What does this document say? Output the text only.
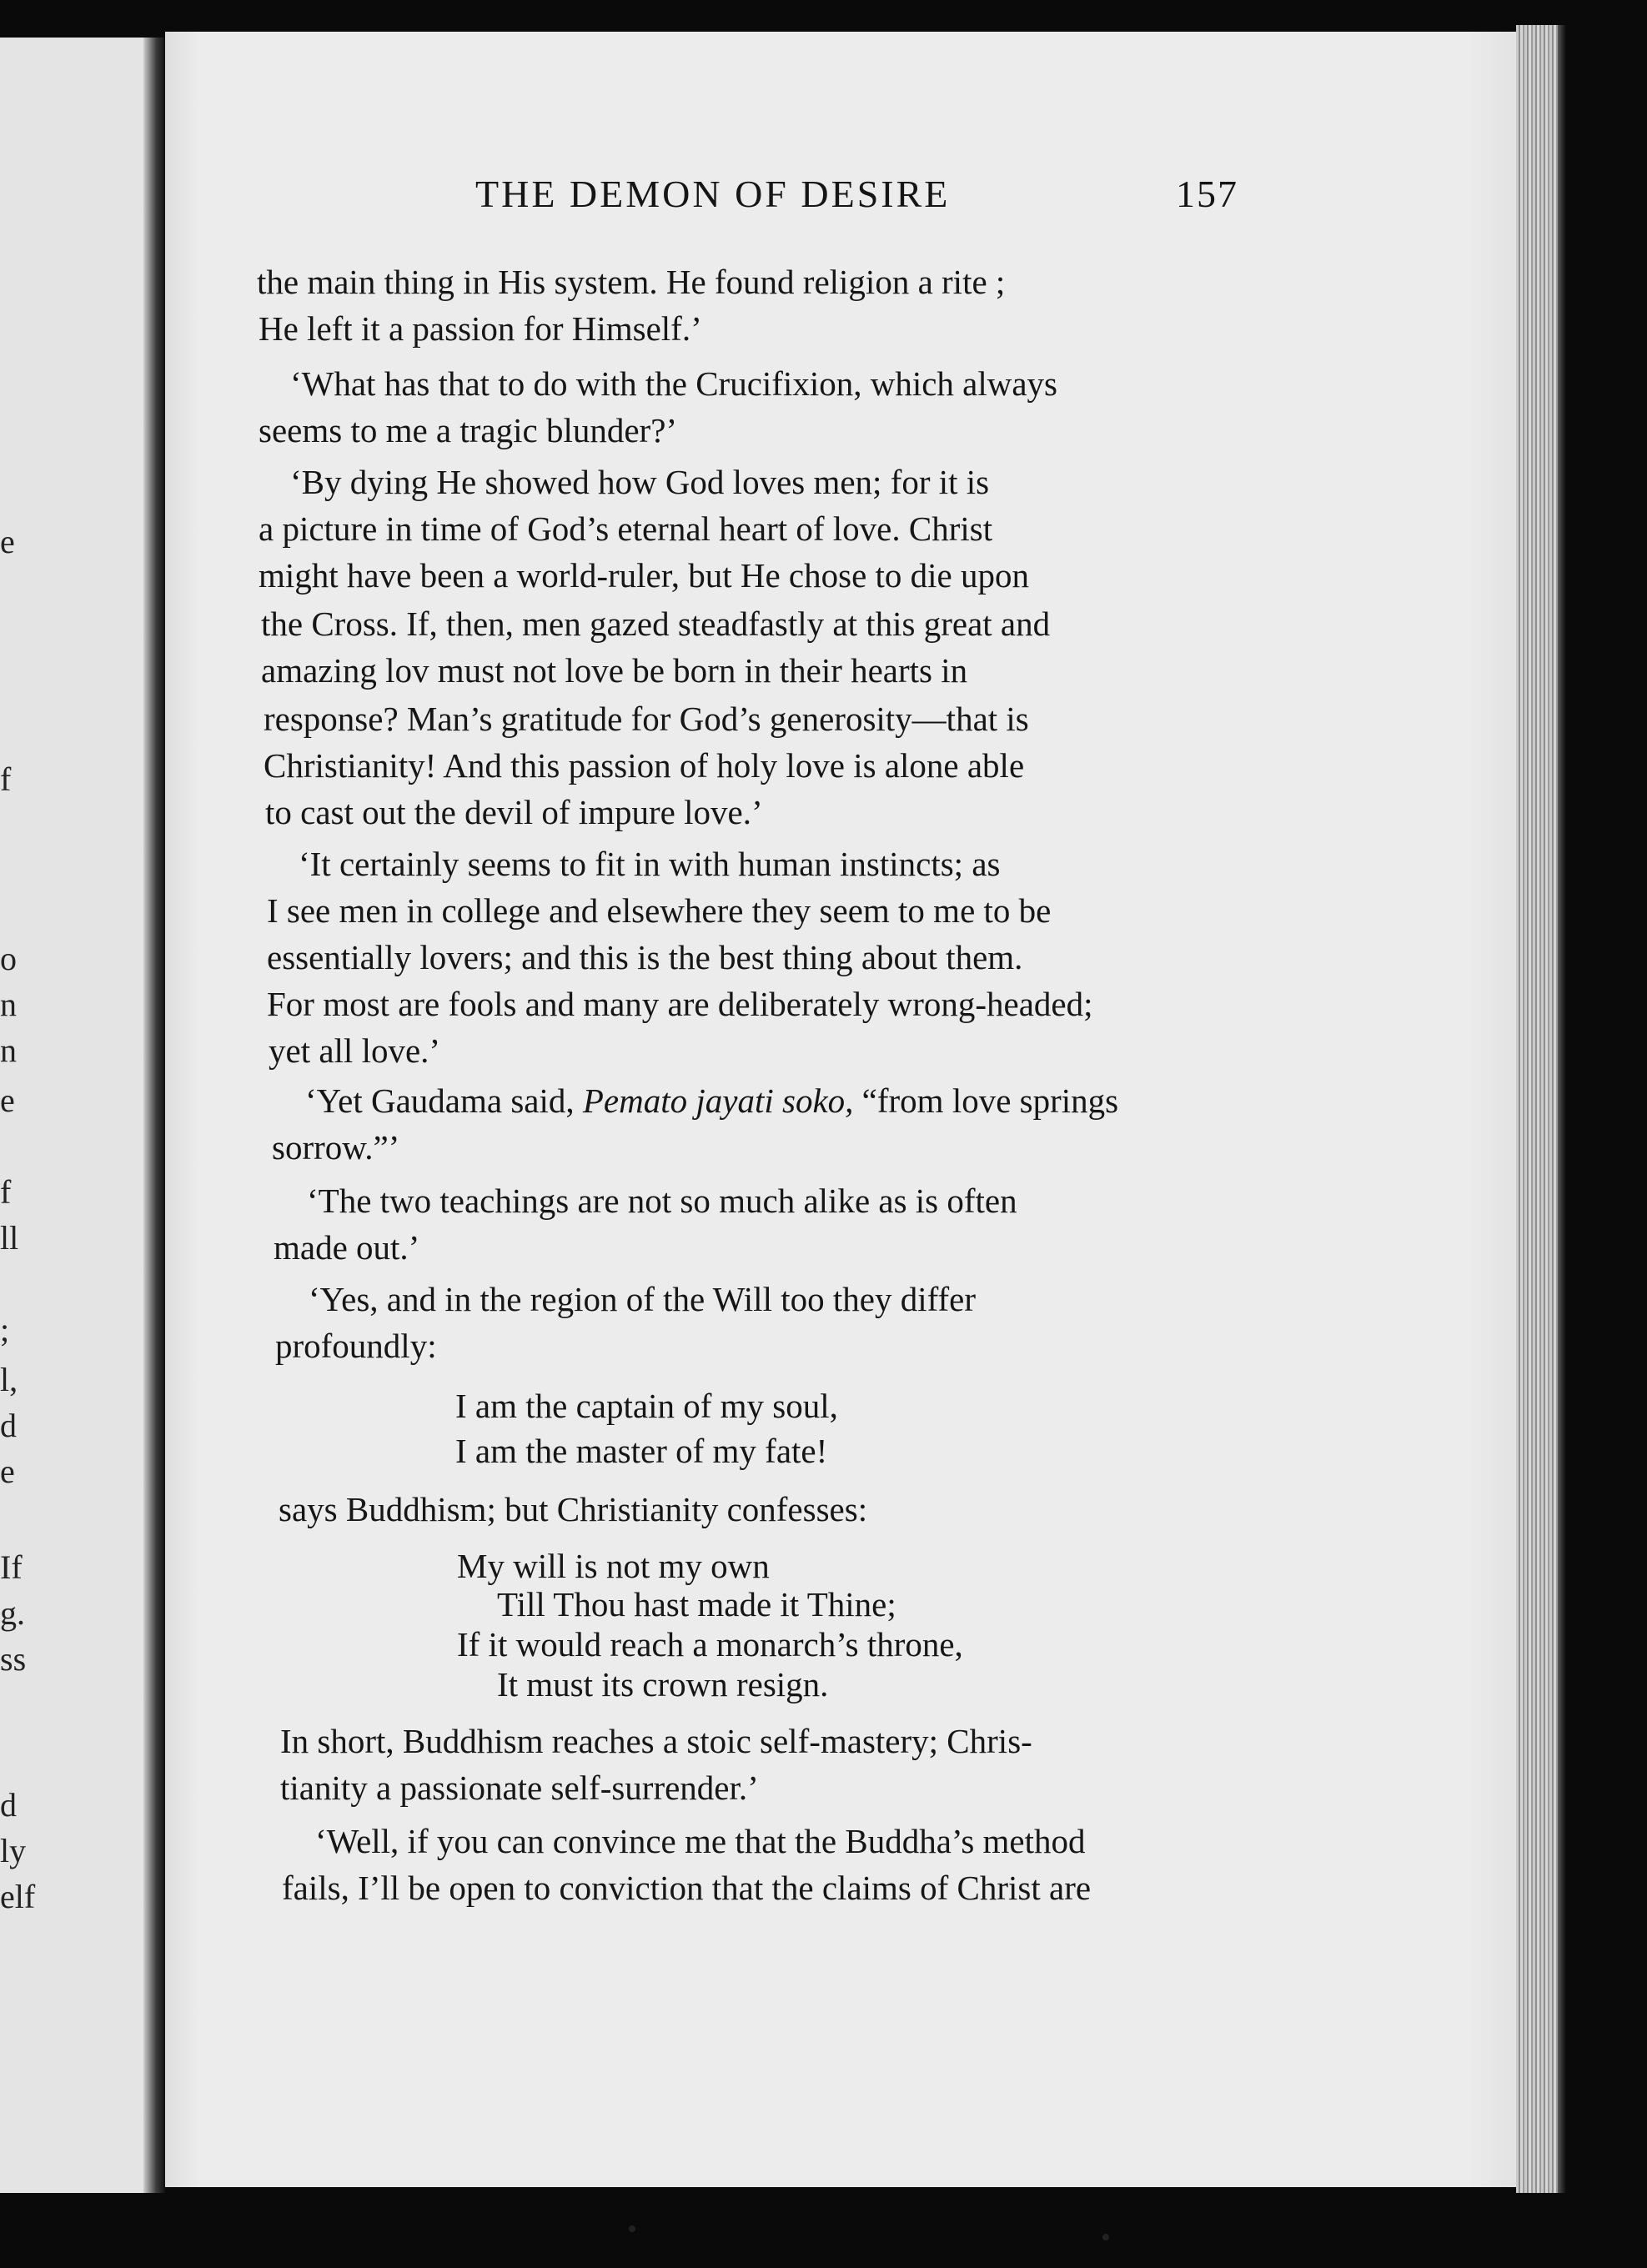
e
f
o
n
n
e
f
ll
;
l,
d
e
If
g.
ss
d
ly
elf
THE DEMON OF DESIRE	157
the main thing in His system. He found religion a rite ;
He left it a passion for Himself.’
‘What has that to do with the Crucifixion, which always
seems to me a tragic blunder?’
‘By dying He showed how God loves men; for it is
a picture in time of God’s eternal heart of love. Christ
might have been a world-ruler, but He chose to die upon
the Cross. If, then, men gazed steadfastly at this great and
amazing lov must not love be born in their hearts in
response? Man’s gratitude for God’s generosity—that is
Christianity! And this passion of holy love is alone able
to cast out the devil of impure love.’
‘It certainly seems to fit in with human instincts; as
I see men in college and elsewhere they seem to me to be
essentially lovers; and this is the best thing about them.
For most are fools and many are deliberately wrong-headed;
yet all love.’
‘Yet Gaudama said, Pemato jayati soko, “from love springs
sorrow.”’
‘The two teachings are not so much alike as is often
made out.’
‘Yes, and in the region of the Will too they differ
profoundly:
I am the captain of my soul,
I am the master of my fate!
says Buddhism; but Christianity confesses:
My will is not my own
Till Thou hast made it Thine;
If it would reach a monarch’s throne,
It must its crown resign.
In short, Buddhism reaches a stoic self-mastery; Chris-
tianity a passionate self-surrender.’
‘Well, if you can convince me that the Buddha’s method
fails, I’ll be open to conviction that the claims of Christ are
•	•
